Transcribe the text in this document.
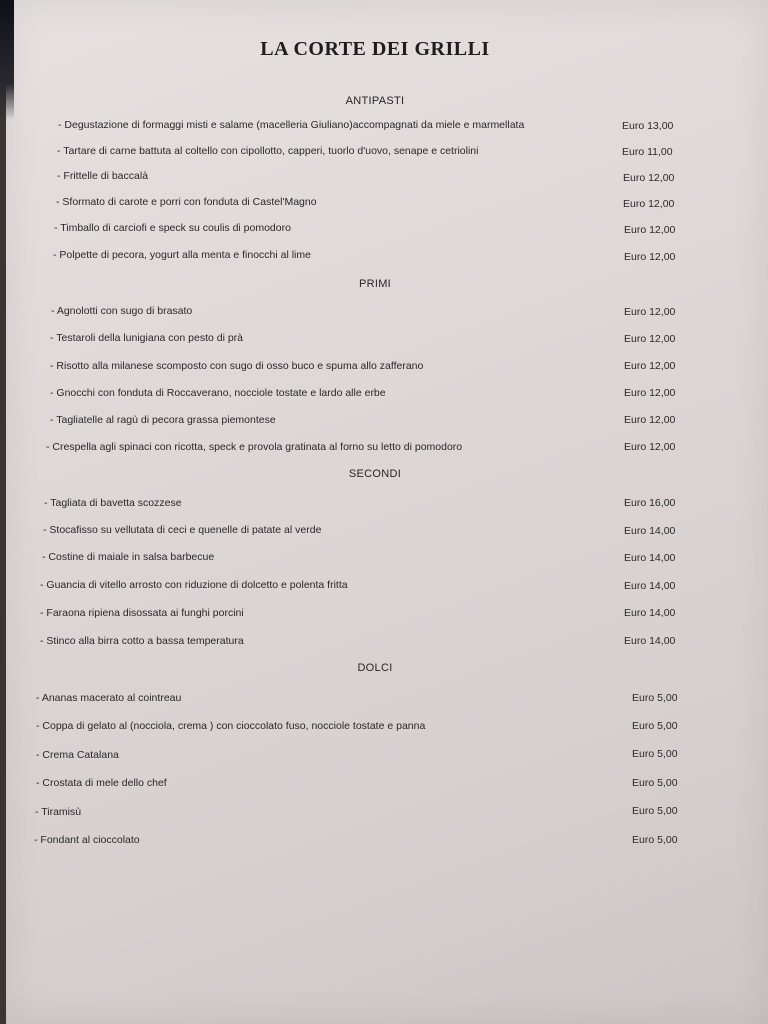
LA CORTE DEI GRILLI
ANTIPASTI
- Degustazione di formaggi misti e salame (macelleria Giuliano)accompagnati da miele e marmellata	Euro 13,00
- Tartare di carne battuta al coltello con cipollotto, capperi, tuorlo d'uovo, senape e cetriolini	Euro 11,00
- Frittelle di baccalà	Euro 12,00
- Sformato di carote e porri con fonduta di Castel'Magno	Euro 12,00
- Timballo di carciofi e speck su coulis di pomodoro	Euro 12,00
- Polpette di pecora, yogurt alla menta e finocchi al lime	Euro 12,00
PRIMI
- Agnolotti con sugo di brasato	Euro 12,00
- Testaroli della lunigiana con pesto di prà	Euro 12,00
- Risotto alla milanese scomposto con sugo di osso buco e spuma allo zafferano	Euro 12,00
- Gnocchi con fonduta di Roccaverano, nocciole tostate e lardo alle erbe	Euro 12,00
- Tagliatelle al ragù di pecora grassa piemontese	Euro 12,00
- Crespella agli spinaci con ricotta, speck e provola gratinata al forno su letto di pomodoro	Euro 12,00
SECONDI
- Tagliata di bavetta scozzese	Euro 16,00
- Stocafisso su vellutata di ceci e quenelle di patate al verde	Euro 14,00
- Costine di maiale in salsa barbecue	Euro 14,00
- Guancia di vitello arrosto con riduzione di dolcetto e polenta fritta	Euro 14,00
- Faraona ripiena disossata ai funghi porcini	Euro 14,00
- Stinco alla birra cotto a bassa temperatura	Euro 14,00
DOLCI
- Ananas macerato al cointreau	Euro 5,00
- Coppa di gelato al (nocciola, crema ) con cioccolato fuso, nocciole tostate e panna	Euro 5,00
- Crema Catalana	Euro 5,00
- Crostata di mele dello chef	Euro 5,00
- Tiramisù	Euro 5,00
- Fondant al cioccolato	Euro 5,00
